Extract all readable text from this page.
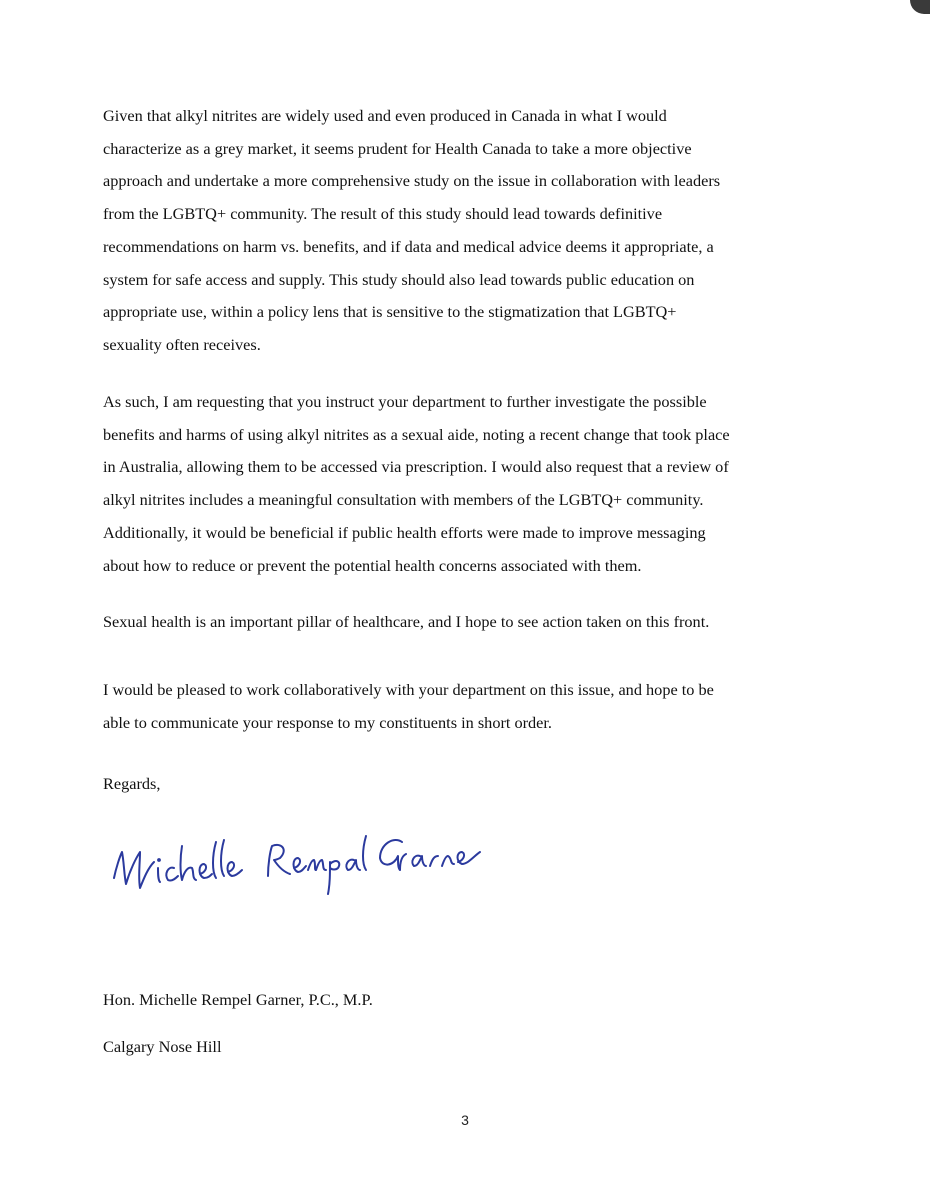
Given that alkyl nitrites are widely used and even produced in Canada in what I would
characterize as a grey market, it seems prudent for Health Canada to take a more objective
approach and undertake a more comprehensive study on the issue in collaboration with leaders
from the LGBTQ+ community. The result of this study should lead towards definitive
recommendations on harm vs. benefits, and if data and medical advice deems it appropriate, a
system for safe access and supply. This study should also lead towards public education on
appropriate use, within a policy lens that is sensitive to the stigmatization that LGBTQ+
sexuality often receives.

As such, I am requesting that you instruct your department to further investigate the possible
benefits and harms of using alkyl nitrites as a sexual aide, noting a recent change that took place
in Australia, allowing them to be accessed via prescription. I would also request that a review of
alkyl nitrites includes a meaningful consultation with members of the LGBTQ+ community.
Additionally, it would be beneficial if public health efforts were made to improve messaging
about how to reduce or prevent the potential health concerns associated with them.

Sexual health is an important pillar of healthcare, and I hope to see action taken on this front.

I would be pleased to work collaboratively with your department on this issue, and hope to be
able to communicate your response to my constituents in short order.

Regards,

Hon. Michelle Rempel Garner, P.C., M.P.

Calgary Nose Hill

3
